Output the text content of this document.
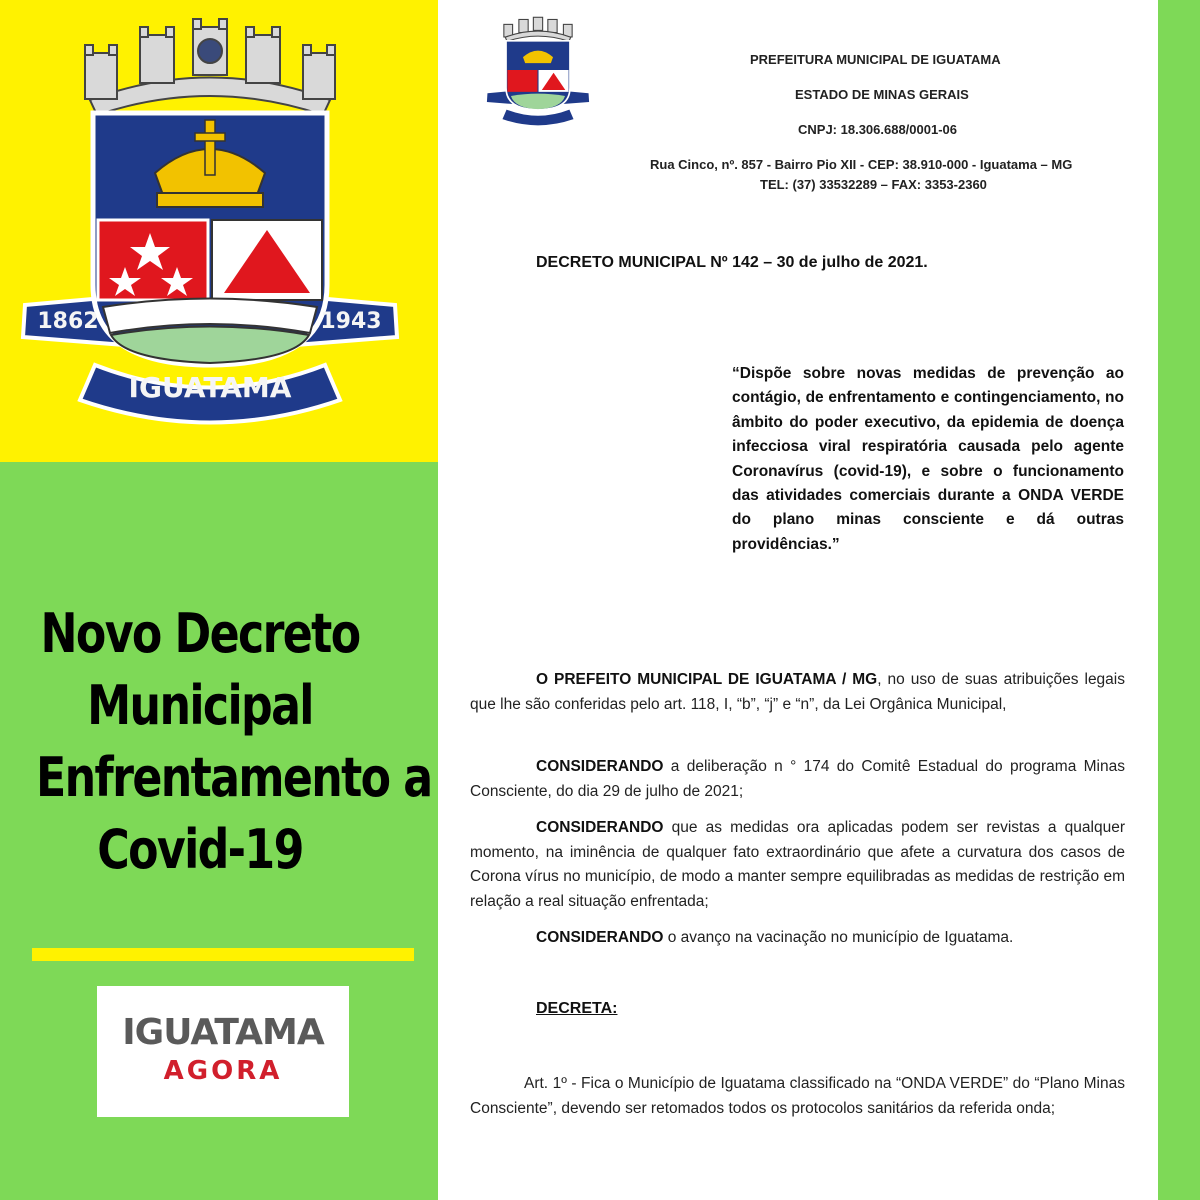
1862	1943
IGUATAMA
Novo Decreto
Municipal
Enfrentamento a
Covid-19
IGUATAMA
AGORA
PREFEITURA MUNICIPAL DE IGUATAMA
ESTADO DE MINAS GERAIS
CNPJ: 18.306.688/0001-06
Rua Cinco, nº. 857 - Bairro Pio XII - CEP: 38.910-000 - Iguatama – MG
TEL: (37) 33532289 – FAX: 3353-2360
DECRETO MUNICIPAL Nº 142 – 30 de julho de 2021.
“Dispõe sobre novas medidas de prevenção ao contágio, de enfrentamento e contingenciamento, no âmbito do poder executivo, da epidemia de doença infecciosa viral respiratória causada pelo agente Coronavírus (covid-19), e sobre o funcionamento das atividades comerciais durante a ONDA VERDE do plano minas consciente e dá outras providências.”
O PREFEITO MUNICIPAL DE IGUATAMA / MG, no uso de suas atribuições legais que lhe são conferidas pelo art. 118, I, “b”, “j” e “n”, da Lei Orgânica Municipal,
CONSIDERANDO a deliberação n ° 174 do Comitê Estadual do programa Minas Consciente, do dia 29 de julho de 2021;
CONSIDERANDO que as medidas ora aplicadas podem ser revistas a qualquer momento, na iminência de qualquer fato extraordinário que afete a curvatura dos casos de Corona vírus no município, de modo a manter sempre equilibradas as medidas de restrição em relação a real situação enfrentada;
CONSIDERANDO o avanço na vacinação no município de Iguatama.
DECRETA:
Art. 1º - Fica o Município de Iguatama classificado na “ONDA VERDE” do “Plano Minas Consciente”, devendo ser retomados todos os protocolos sanitários da referida onda;
